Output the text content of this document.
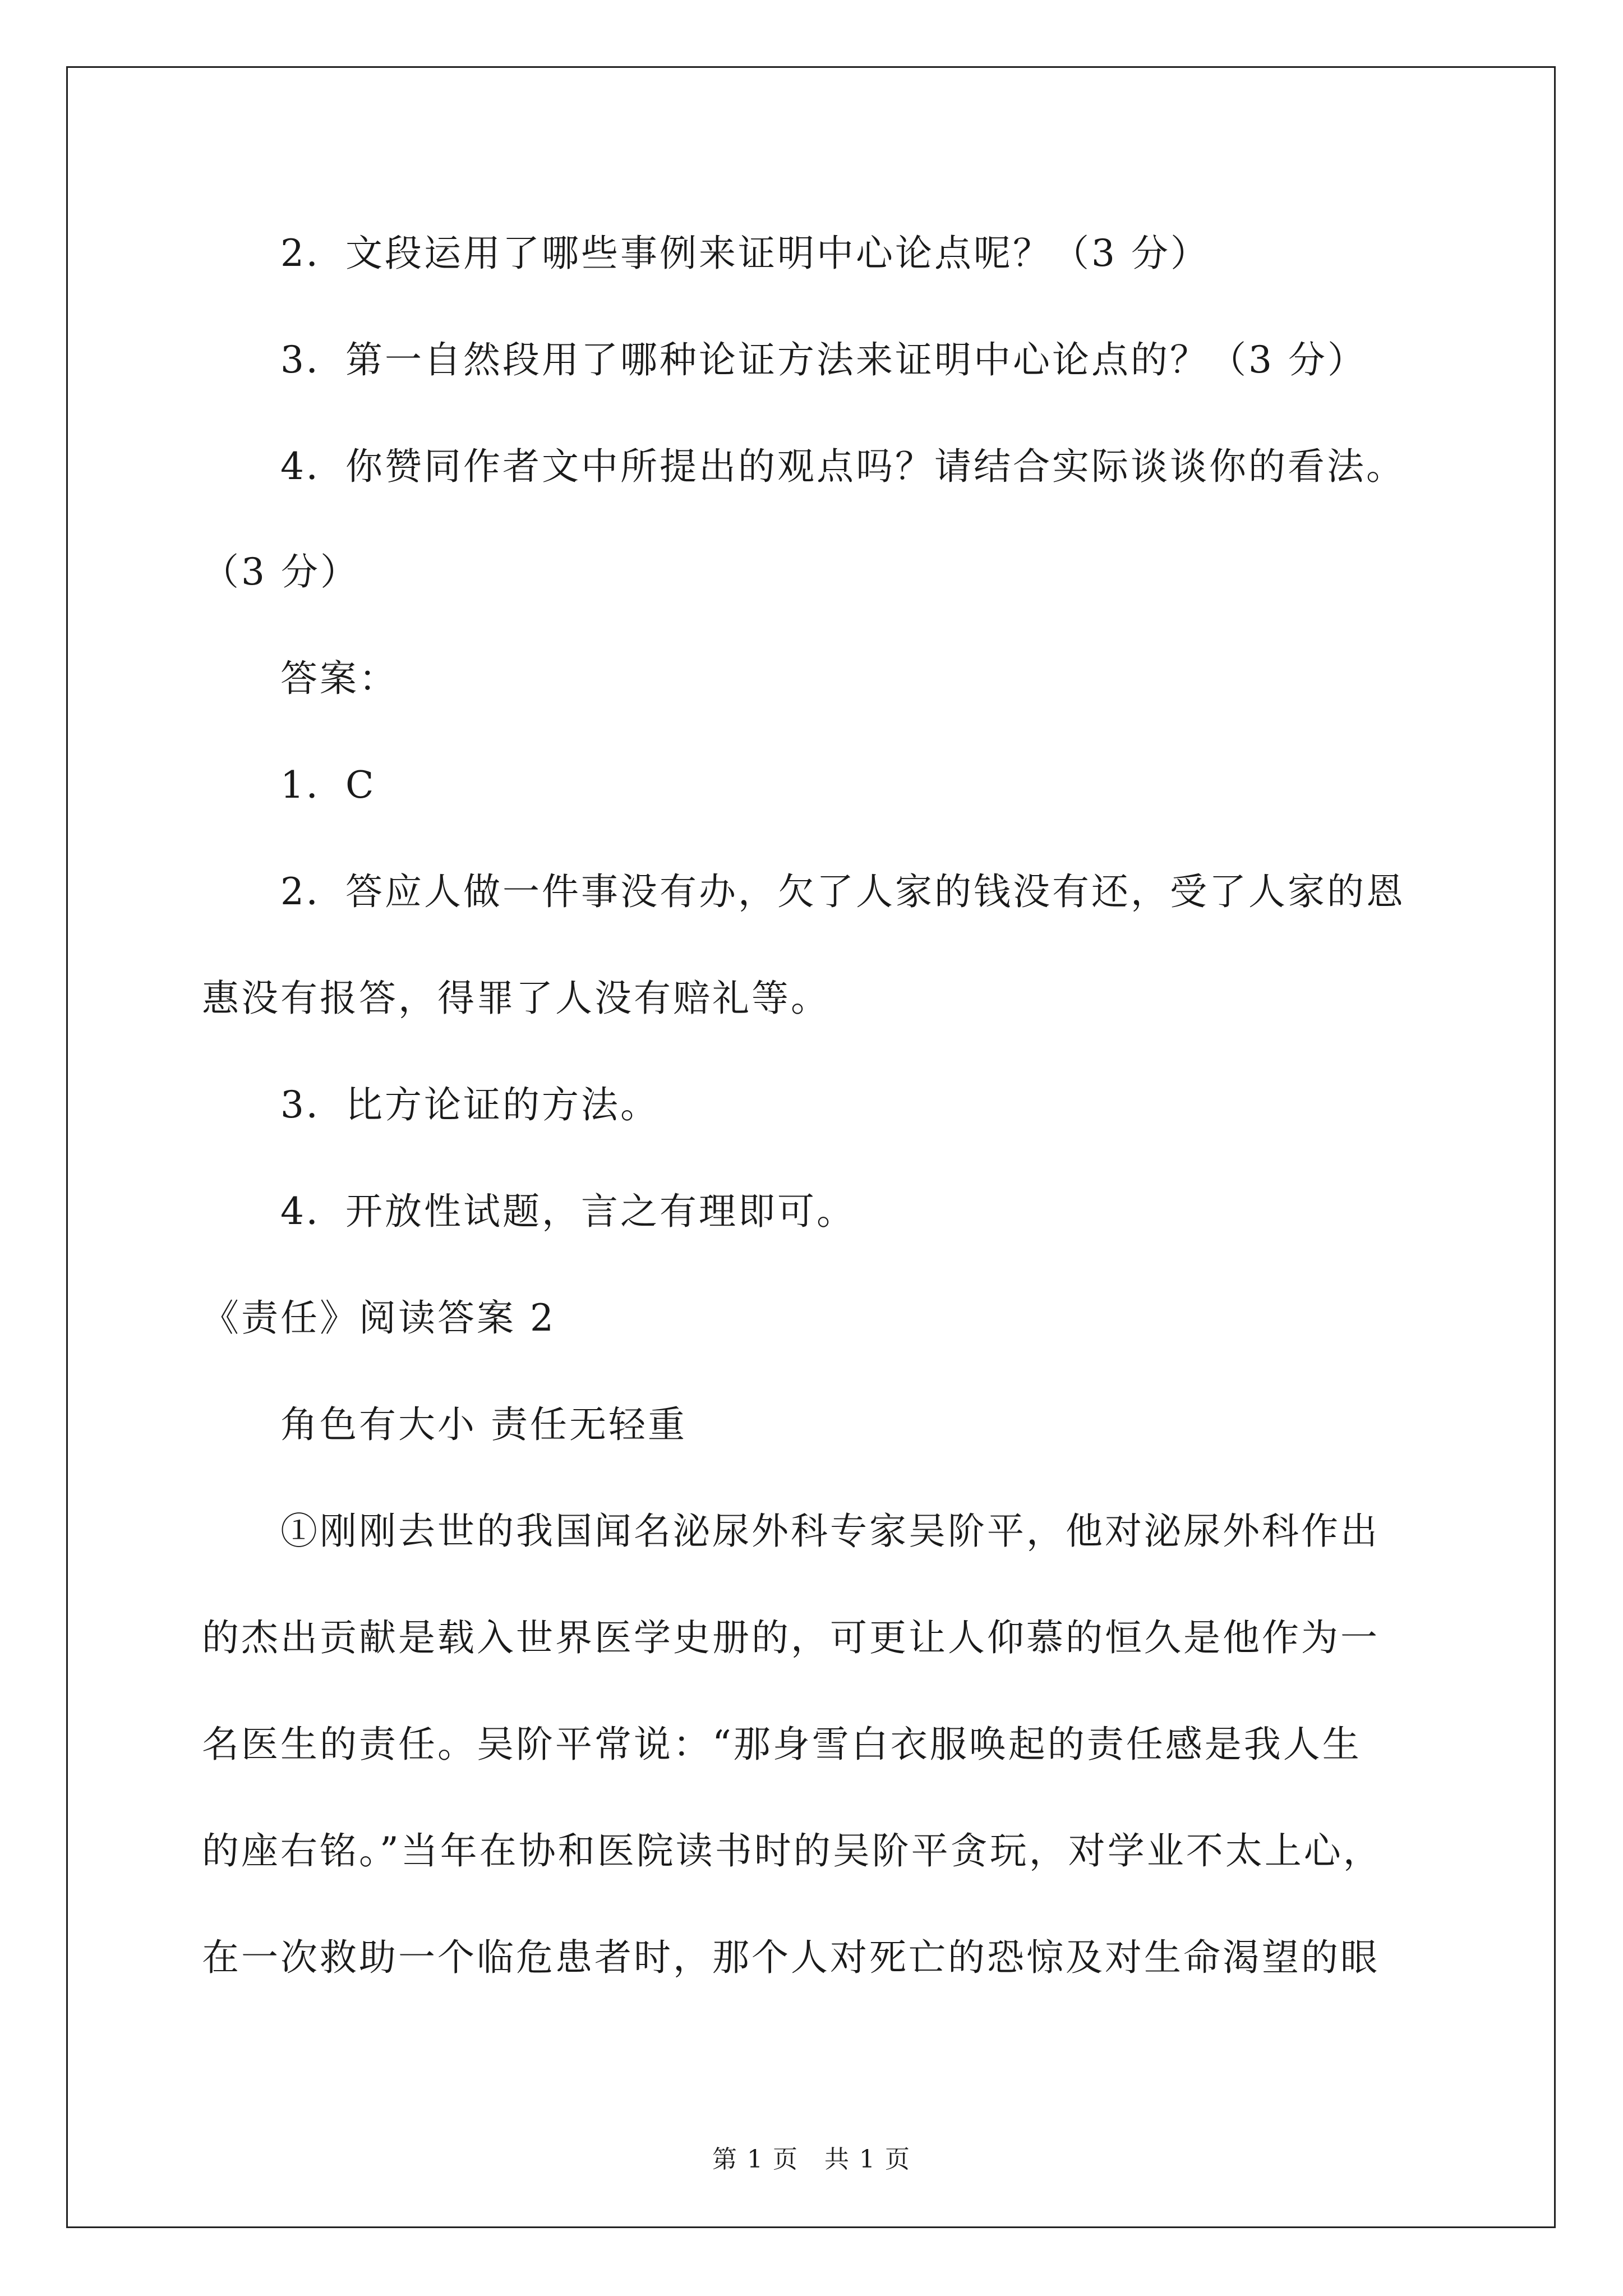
2．文段运用了哪些事例来证明中心论点呢？（3 分）
3．第一自然段用了哪种论证方法来证明中心论点的？（3 分）
4．你赞同作者文中所提出的观点吗？请结合实际谈谈你的看法。
（3 分）
答案：
1．C
2．答应人做一件事没有办，欠了人家的钱没有还，受了人家的恩
惠没有报答，得罪了人没有赔礼等。
3．比方论证的方法。
4．开放性试题，言之有理即可。
《责任》阅读答案 2
角色有大小 责任无轻重
①刚刚去世的我国闻名泌尿外科专家吴阶平，他对泌尿外科作出
的杰出贡献是载入世界医学史册的，可更让人仰慕的恒久是他作为一
名医生的责任。吴阶平常说：“那身雪白衣服唤起的责任感是我人生
的座右铭。”当年在协和医院读书时的吴阶平贪玩，对学业不太上心，
在一次救助一个临危患者时，那个人对死亡的恐惊及对生命渴望的眼
第 1 页　共 1 页
